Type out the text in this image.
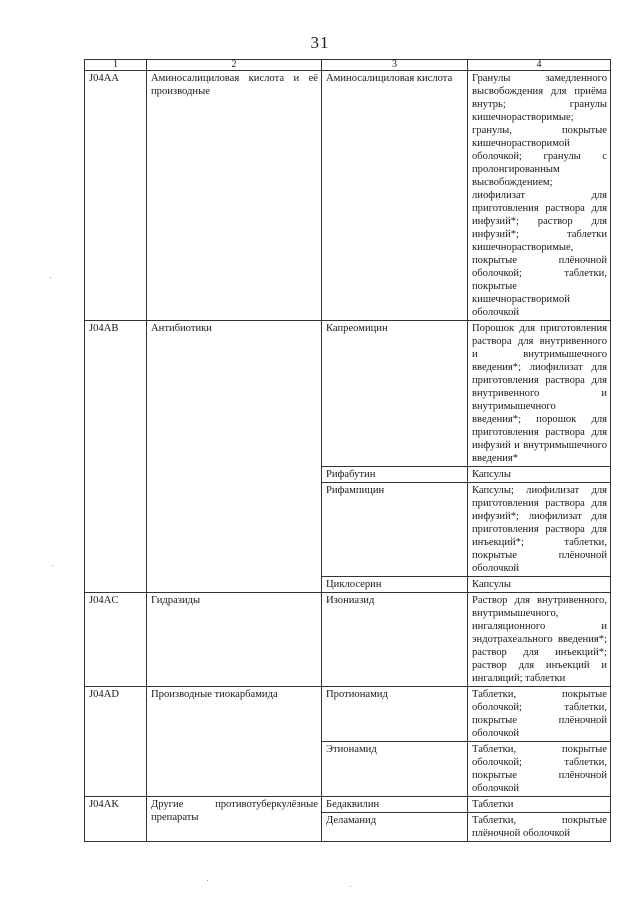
31
1	2	3	4
J04AA	Аминосалициловая кислота и её производные	Аминосалициловая кислота	Гранулы замедленного высвобождения для приёма внутрь; гранулы кишечнорастворимые; гранулы, покрытые кишечнорастворимой оболочкой; гранулы с пролонгированным высвобождением; лиофилизат для приготовления раствора для инфузий*; раствор для инфузий*; таблетки кишечнорастворимые, покрытые плёночной оболочкой; таблетки, покрытые кишечнорастворимой оболочкой
J04AB	Антибиотики	Капреомицин	Порошок для приготовления раствора для внутривенного и внутримышечного введения*; лиофилизат для приготовления раствора для внутривенного и внутримышечного введения*; порошок для приготовления раствора для инфузий и внутримышечного введения*
		Рифабутин	Капсулы
		Рифампицин	Капсулы; лиофилизат для приготовления раствора для инфузий*; лиофилизат для приготовления раствора для инъекций*; таблетки, покрытые плёночной оболочкой
		Циклосерин	Капсулы
J04AC	Гидразиды	Изониазид	Раствор для внутривенного, внутримышечного, ингаляционного и эндотрахеального введения*; раствор для инъекций*; раствор для инъекций и ингаляций; таблетки
J04AD	Производные тиокарбамида	Протионамид	Таблетки, покрытые оболочкой; таблетки, покрытые плёночной оболочкой
		Этионамид	Таблетки, покрытые оболочкой; таблетки, покрытые плёночной оболочкой
J04AK	Другие противотуберкулёзные препараты	Бедаквилин	Таблетки
		Деламанид	Таблетки, покрытые плёночной оболочкой
